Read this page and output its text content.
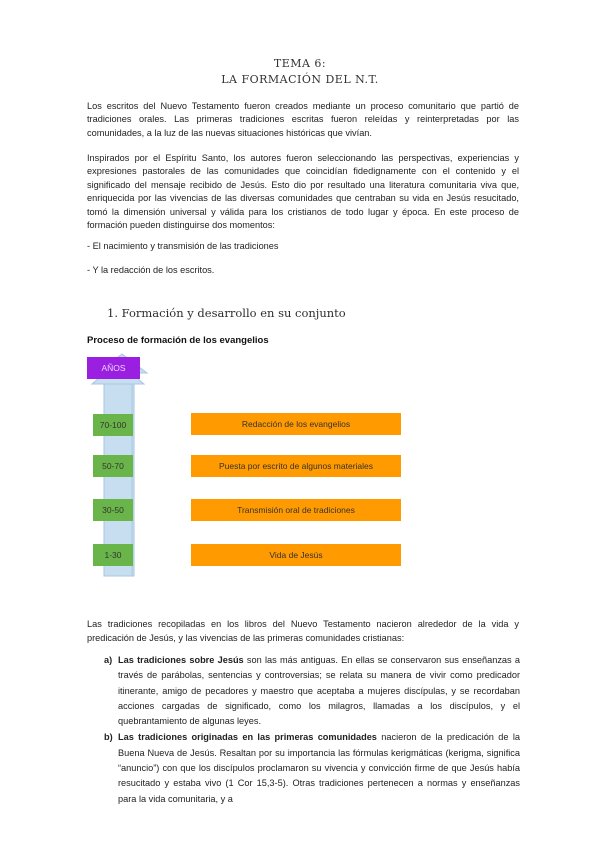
TEMA 6:
LA FORMACIÓN DEL N.T.
Los escritos del Nuevo Testamento fueron creados mediante un proceso comunitario que partió de tradiciones orales. Las primeras tradiciones escritas fueron releídas y reinterpretadas por las comunidades, a la luz de las nuevas situaciones históricas que vivían.
Inspirados por el Espíritu Santo, los autores fueron seleccionando las perspectivas, experiencias y expresiones pastorales de las comunidades que coincidían fidedignamente con el contenido y el significado del mensaje recibido de Jesús. Esto dio por resultado una literatura comunitaria viva que, enriquecida por las vivencias de las diversas comunidades que centraban su vida en Jesús resucitado, tomó la dimensión universal y válida para los cristianos de todo lugar y época. En este proceso de formación pueden distinguirse dos momentos:
- El nacimiento y transmisión de las tradiciones
- Y la redacción de los escritos.
1. Formación y desarrollo en su conjunto
Proceso de formación de los evangelios
AÑOS
70-100
50-70
30-50
1-30
Redacción de los evangelios
Puesta por escrito de algunos materiales
Transmisión oral de tradiciones
Vida de Jesús
Las tradiciones recopiladas en los libros del Nuevo Testamento nacieron alrededor de la vida y predicación de Jesús, y las vivencias de las primeras comunidades cristianas:
a) Las tradiciones sobre Jesús son las más antiguas. En ellas se conservaron sus enseñanzas a través de parábolas, sentencias y controversias; se relata su manera de vivir como predicador itinerante, amigo de pecadores y maestro que aceptaba a mujeres discípulas, y se recordaban acciones cargadas de significado, como los milagros, llamadas a los discípulos, y el quebrantamiento de algunas leyes.
b) Las tradiciones originadas en las primeras comunidades nacieron de la predicación de la Buena Nueva de Jesús. Resaltan por su importancia las fórmulas kerigmáticas (kerigma, significa “anuncio”) con que los discípulos proclamaron su vivencia y convicción firme de que Jesús había resucitado y estaba vivo (1 Cor 15,3-5). Otras tradiciones pertenecen a normas y enseñanzas para la vida comunitaria, y a
